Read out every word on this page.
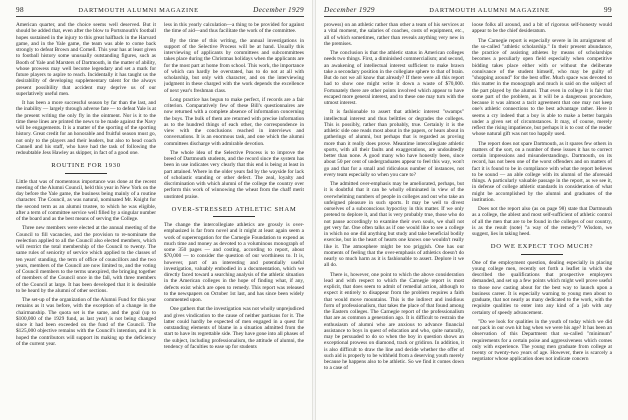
98	DARTMOUTH ALUMNI MAGAZINE	December 1929

American quarter, and the choice seems well deserved. But it should be added that, even after the blow to Portsmouth's football hopes sustained in the injury to this great halfback in the Harvard game, and in the Yale game, the team was able to come back strongly to defeat Brown and Cornell. This year has at least given to football history some unusually outstanding figures, such as Booth of Yale and Marsters of Dartmouth, in the matter of ability, whose prowess may well become legendary and set a mark for future players to aspire to reach. Incidentally it has taught us the desirability of developing supplementary talent for the always present possibility that accident may deprive us of our superlatively useful men.

It has been a more successful season by far than the last, and the inability — largely through adverse fate — to defeat Yale is at the present writing the only fly in the ointment. Nor is it to the time these lines are printed the news to be made against the Navy will be engagements. It is a matter of the sporting of the sporting history. Great credit for an honorable and fruitful season must go, not only to the players and their leaders, but also to head coach Cannell and his staff, who have had the task of following the redoubtable Jess Hawley as skipper, in fact of a good one.

ROUTINE FOR 1930

Little that was of momentous importance was done at the recent meeting of the Alumni Council, held this year in New York on the day before the Yale game, the business being mainly of a routine character. The Council, as was natural, nominated Mr. Knight for the second term as an alumni trustee, to which he was eligible, after a term of committee service well filled by a singular number of the board and as the best means of serving the College.

Three new members were elected at the annual meeting of the Council to fill vacancies, and the provision to re-nominate the reelection applied to all the Council also elected members, which will restrict the total membership of the Council to twenty. The same rules of seniority of service which applied to the classes of ten years' standing, the term of office of councillors and the two years, members of the Council are now limited to, and the voting of Council members to the terms unexpired, the bringing together of members of the Council once in the fall, with three members of the Council at large. It has been developed that it is desirable to be heard by the alumni of other sections.

The set-up of the organization of the Alumni Fund for this year remains as it was before, with the exception of a change in the chairmanship. The quota set is the same, and the goal (up to $100,000 of the 1929 fund, as last year) is not being changed since it had been exceeded on the fund of the Council. The $125,000 objective remains with the Council's intention, and it is hoped the contributors will support its making up the deficiency of the current year.

less in this yearly calculation—a thing to be provided for against the time of aid—and thus facilitate the work of the committee.

By the time of this writing, the annual investigations in support of the Selective Process will be at hand. Usually this interviewing of applicants by committees and subcommittees takes place during the Christmas holidays when the applicants are for the most part at home from school. This work, the importance of which can hardly be overstated, has to do not at all with scholarship, but only with character, and on the interviewing judgment in these charged with the work depends the excellence of next year's freshman class.

Long practice has begun to make perfect, if records are a fair criterion. Comparatively few of these Bill's questionnaires are now returned with a complete absence of information concerning the boys. The bulk of them are returned with precise information as to the hundred things of each other, the correspondence in view with the conclusions reached in interviews and conversations. It is an enormous task, and one which the alumni committees discharge with admirable devotion.

The whole idea of the Selective Process is to improve the breed of Dartmouth students, and the record since the system has been in use indicates very clearly that this end is being at least in part attained. Where in the older years fad by the wayside for lack of scholastic standing or other defect. The zeal, loyalty and discrimination with which alumni of the college the country over perform this work of winnowing the wheat from the chaff merit unstinted praise.

OVER-STRESSED ATHLETIC SHAM

The change the intercollegiate athletics are grossly is over-emphasized is far from novel and it might at least again seem a work of supererogation for the Carnegie Foundation to expend as much time and money as devoted to a voluminous monograph of some 350 pages — and costing, according to report, about $70,000 — to consider the question of our worthiness to. It is, however, part of an interesting and potentially useful investigation, valuably embodied in a documentation, which we directly faced toward a searching analysis of the athletic situation in the American colleges in the hope of finding what, if any, defects exist which are open to remedy. This report was released to the newspapers on October 1st last, and has since been widely commented upon.

One gathers that the investigation was not wholly unprejudiced and gives vindication to the cause of neither partisans for it. The latter could hardly be expected of men engaged in a quest for outstanding elements of blame in a situation admitted from the start to have its regrettable side. They have gone into all phases of the subject, including professionalism, the attitude of alumni, the tendency of faculties to ease up for students

December 1929	DARTMOUTH ALUMNI MAGAZINE	99

prowess) on an athletic rather than other a team of his services at a vital moment, the salaries of coaches, costs of equipment, etc., all of which sometimes, rather than reveals anything very new in the premises.

The conclusion is that the athletic status in American colleges needs two things. First, a diminished commercialism; and second, an awakening of intellectual interest sufficient to make brawn take a secondary position in the collegiate sphere to that of brain. But do not we all know that already? If there were all this report had to show one might write it down a waste of $70,000. Fortunately there are other points involved which appear to have escaped more general interest, and to these one may turn with the utmost interest.

It is fashionable to assert that athletic interest "swamps" intellectual interest and thus belittles or degrades the colleges. This is possibly, rather than probably, true. Certainly it is the athletic side one reads most about in the papers, or hears about in gatherings of alumni, but perhaps that is regarded as proving more than it really does prove. Meantime intercollegiate athletic sports, with all their faults and exaggerations, are undoubtedly better than none. A good many who have honestly been, since about 50 per cent of undergraduates appear to feel this way, won't go and that for a small and ridiculous number of instances, not every team especially so when you care to?

The admitted over-emphasis may be ameliorated, perhaps, but it is doubtful that it can be wholly eliminated in view of the overwhelming numbers of people in colleges and out who take an unfeigned pleasure in such sports. It may be well to divest ourselves of a subconscious hypocrisy in this matter. If we only pretend to deplore it, and that is very probably true, those who do not pause accordingly to examine their own souls, we shall not get very far. One often talks as if one would like to see a college in which no one did anything but study and take beneficial bodily exercise, but in the heart of hearts one knows one wouldn't really like it. The atmosphere might be too priggish. One has our moments of feeling that the over-emphasis of athletics doesn't do nearly so much harm as it is fashionable to assert. Deplore it we all do.

There is, however, one point to which the above consideration lead and with respect to which the Carnegie report is most explicit, that does seem to admit of remedial action, although to expect it entirely to disappear from the problem requires a faith that would move mountains. This is the indirect and insidious form of professionalism, that takes the place of that found among the Eastern colleges. The Carnegie report of the professionalism that are as common a generation ago. It is difficult to restrain the enthusiasm of alumni who are anxious to advance financial assistance to boys in quest of education and who, quite naturally, may be persuaded to do so when the boy in question shows an exceptional prowess on diamond, track or gridiron. In addition, it is also difficult to draw the line and decide whether the offer of such aid is properly to be withheld from a deserving youth merely because he happens also to be athletic. So we find it comes down to a case of

loose folks all around, and a bit of rigorous self-honesty would appear to be the chief desideratum.

The Carnegie report is especially severe in its arraignment of the so-called "athletic scholarship." In their present abundance, the practice of assisting athletes by means of scholarships becomes a peculiarly open field especially when competitive bidding takes place either with or without the deliberate connivance of the student himself, who may be guilty of "shopping around" for the best offer. Much space was devoted to this matter in the monograph and much is said on the subject of the part played by the alumni. That even in college it is fair that some part of the problem, as it will be a dangerous procedure, because it was almost a tacit agreement that one may not keep one's athletic connections to the best advantage rather. Here it seems a cry indeed that a boy is able to make a better bargain under a given set of circumstances. It may, of course, merely reflect the rising impatience, but perhaps it is to cost of the reader whose natural gift was not too happily used.

The report does not spare Dartmouth, as it spares few others in matters of the sort, on a number of these issues it has to correct certain impressions and misunderstandings. Dartmouth, on its record, has not been one of the worst offenders and on matters of fact it is found to be in compliance with what the report believes to be sound — an able college with its alumni of the aforesaid things. A particularly valuable passage in the report, as we see it, in defense of college athletic standards in consideration of what might be accomplished by the alumni and graduates of the institution.

Does not the report also (as on page 98) state that Dartmouth as a college, the ablest and most self-sufficient of athletic control of all the men that are to be found in the colleges of our country, is as the result (note) "a way of the remedy"? Wisdom, we suggest, lies in taking heed.

DO WE EXPECT TOO MUCH?

One of the employment question, dealing especially in placing young college men, recently set forth a leaflet in which she described the qualifications that prospective employers demanded, and set up a few points which might well prove useful to those now casting about for the best way to launch upon a business career. It is especially warning to young men about to graduate, that not nearly as many dedicated to the work, with the requisite qualities to enter into any kind of a job with any certainty of speedy advancement.

"Do we look for qualities in the youth of today which we did not pack in our own kit bag when we were his age? It has been an observation of this Department that so-called "minimum" requirements for a certain poise and aggressiveness which comes only with experience. The young men graduate from college at twenty or twenty-two years of age. However, there is scarcely a negotiator whose application does not indicate concern
